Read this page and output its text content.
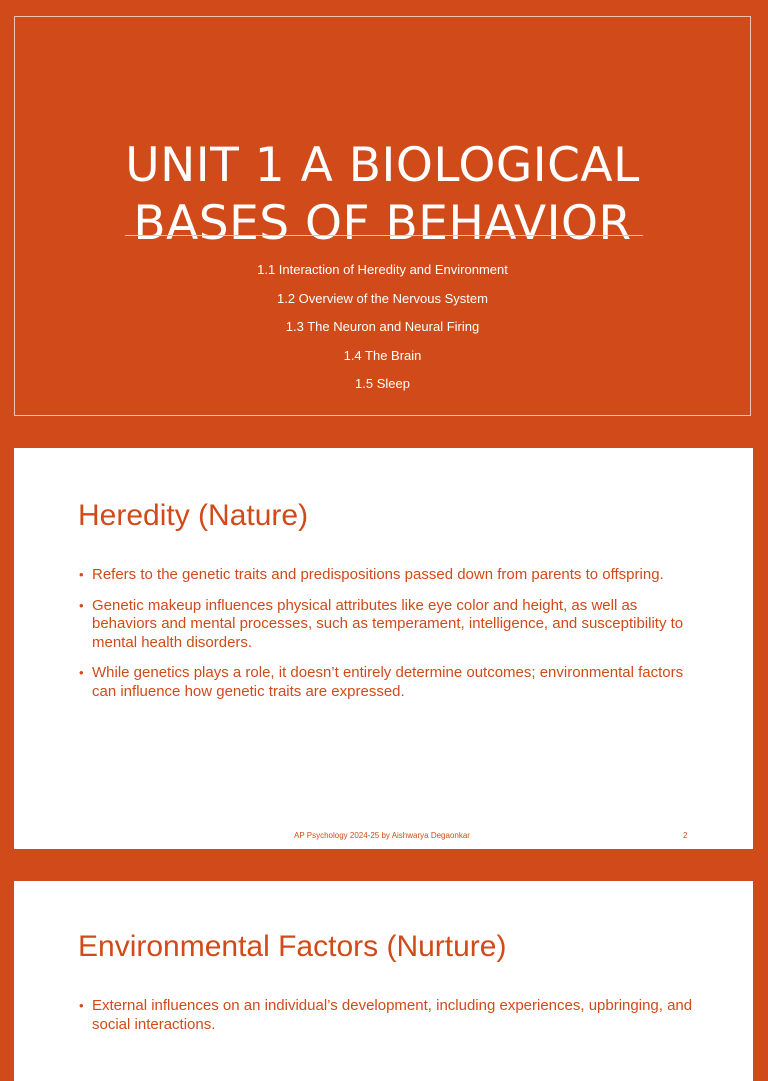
UNIT 1 A BIOLOGICAL
BASES OF BEHAVIOR
1.1 Interaction of Heredity and Environment
1.2 Overview of the Nervous System
1.3 The Neuron and Neural Firing
1.4 The Brain
1.5 Sleep
Heredity (Nature)
• Refers to the genetic traits and predispositions passed down from parents to offspring.
• Genetic makeup influences physical attributes like eye color and height, as well as behaviors and mental processes, such as temperament, intelligence, and susceptibility to mental health disorders.
• While genetics plays a role, it doesn’t entirely determine outcomes; environmental factors can influence how genetic traits are expressed.
AP Psychology 2024-25 by Aishwarya Degaonkar	2
Environmental Factors (Nurture)
• External influences on an individual’s development, including experiences, upbringing, and social interactions.
